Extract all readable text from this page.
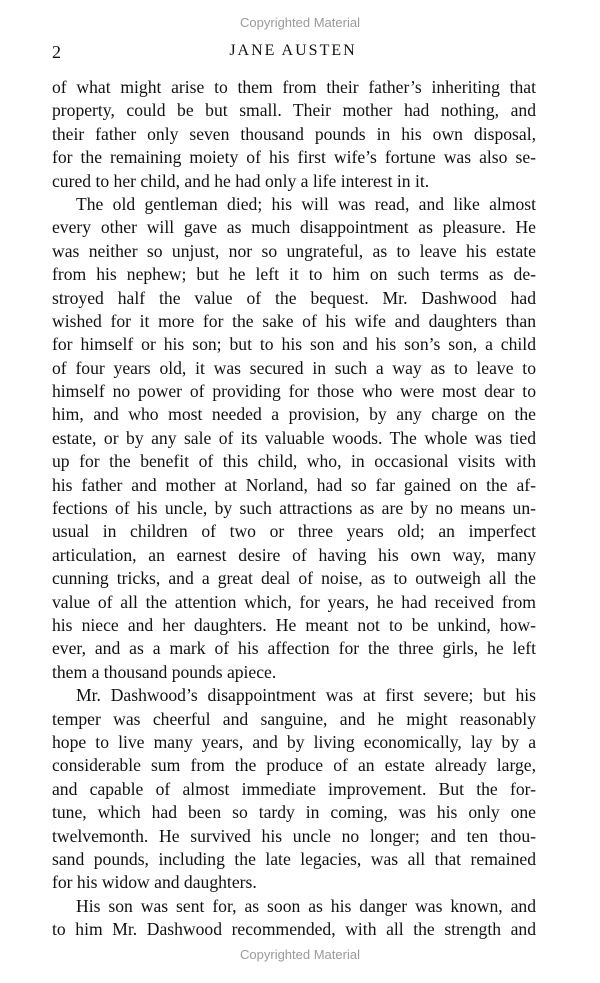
Copyrighted Material
2	JANE AUSTEN
of what might arise to them from their father’s inheriting that
property, could be but small. Their mother had nothing, and
their father only seven thousand pounds in his own disposal,
for the remaining moiety of his first wife’s fortune was also se-
cured to her child, and he had only a life interest in it.
The old gentleman died; his will was read, and like almost
every other will gave as much disappointment as pleasure. He
was neither so unjust, nor so ungrateful, as to leave his estate
from his nephew; but he left it to him on such terms as de-
stroyed half the value of the bequest. Mr. Dashwood had
wished for it more for the sake of his wife and daughters than
for himself or his son; but to his son and his son’s son, a child
of four years old, it was secured in such a way as to leave to
himself no power of providing for those who were most dear to
him, and who most needed a provision, by any charge on the
estate, or by any sale of its valuable woods. The whole was tied
up for the benefit of this child, who, in occasional visits with
his father and mother at Norland, had so far gained on the af-
fections of his uncle, by such attractions as are by no means un-
usual in children of two or three years old; an imperfect
articulation, an earnest desire of having his own way, many
cunning tricks, and a great deal of noise, as to outweigh all the
value of all the attention which, for years, he had received from
his niece and her daughters. He meant not to be unkind, how-
ever, and as a mark of his affection for the three girls, he left
them a thousand pounds apiece.
Mr. Dashwood’s disappointment was at first severe; but his
temper was cheerful and sanguine, and he might reasonably
hope to live many years, and by living economically, lay by a
considerable sum from the produce of an estate already large,
and capable of almost immediate improvement. But the for-
tune, which had been so tardy in coming, was his only one
twelvemonth. He survived his uncle no longer; and ten thou-
sand pounds, including the late legacies, was all that remained
for his widow and daughters.
His son was sent for, as soon as his danger was known, and
to him Mr. Dashwood recommended, with all the strength and
Copyrighted Material
